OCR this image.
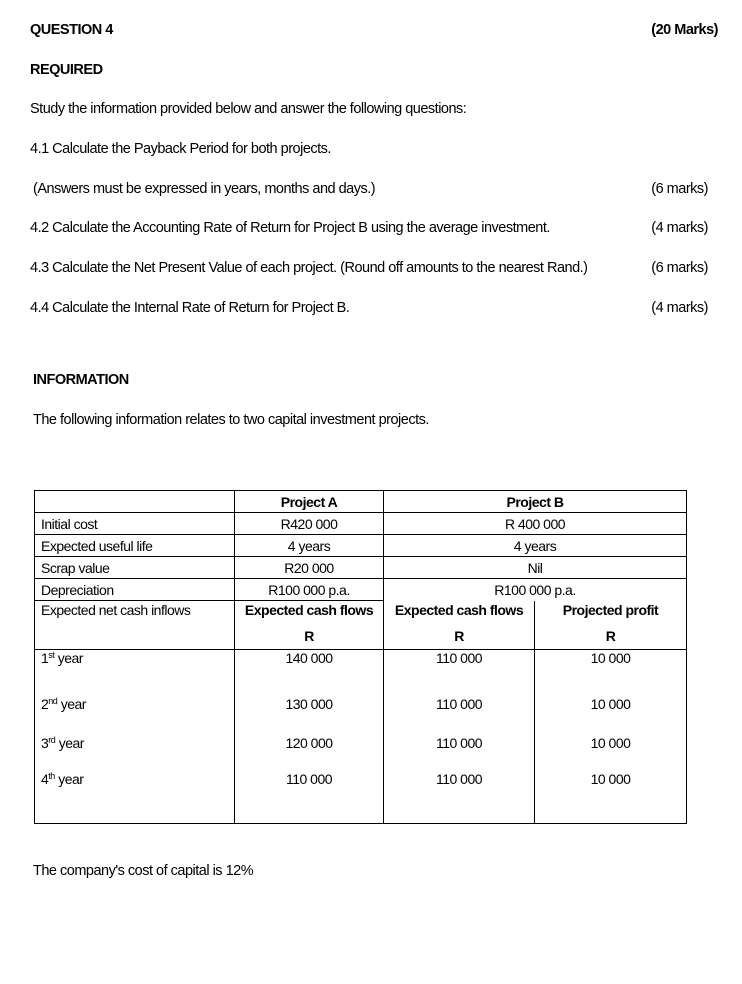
QUESTION 4	(20 Marks)
REQUIRED
Study the information provided below and answer the following questions:
4.1 Calculate the Payback Period for both projects.
(Answers must be expressed in years, months and days.)	(6 marks)
4.2 Calculate the Accounting Rate of Return for Project B using the average investment.	(4 marks)
4.3 Calculate the Net Present Value of each project. (Round off amounts to the nearest Rand.)	(6 marks)
4.4 Calculate the Internal Rate of Return for Project B.	(4 marks)
INFORMATION
The following information relates to two capital investment projects.
	Project A	Project B	
Initial cost	R420 000	R 400 000	
Expected useful life	4 years	4 years	
Scrap value	R20 000	Nil	
Depreciation	R100 000 p.a.	R100 000 p.a.	
Expected net cash inflows	Expected cash flows	Expected cash flows	Projected profit
	R	R	R
1st year	140 000	110 000	10 000
2nd year	130 000	110 000	10 000
3rd year	120 000	110 000	10 000
4th year	110 000	110 000	10 000
The company's cost of capital is 12%
